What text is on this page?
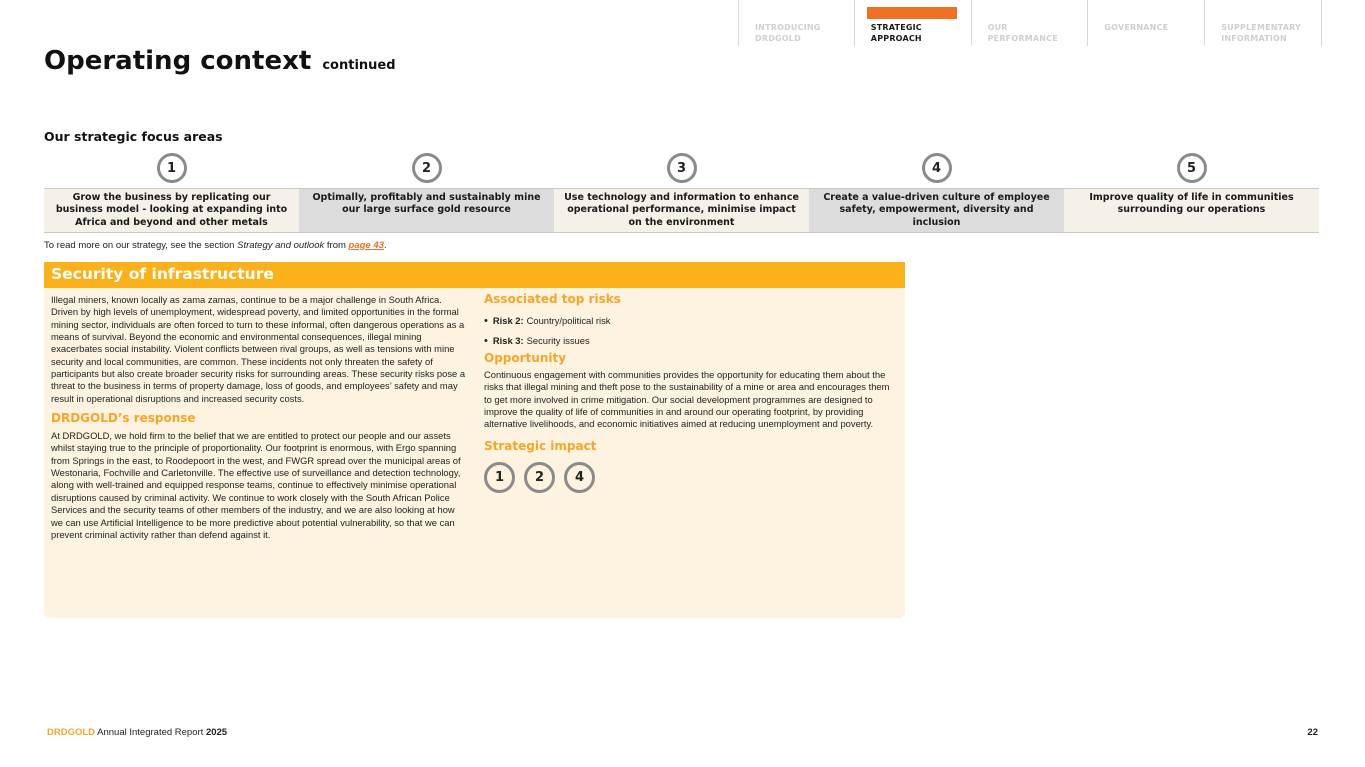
INTRODUCING
DRDGOLD
STRATEGIC
APPROACH
OUR
PERFORMANCE
GOVERNANCE	SUPPLEMENTARY
INFORMATION
Operating context continued
Our strategic focus areas
1	2	3	4	5
Grow the business by replicating our business model - looking at expanding into Africa and beyond and other metals
Optimally, profitably and sustainably mine our large surface gold resource
Use technology and information to enhance operational performance, minimise impact on the environment
Create a value-driven culture of employee safety, empowerment, diversity and inclusion
Improve quality of life in communities surrounding our operations
To read more on our strategy, see the section Strategy and outlook from page 43.
Security of infrastructure

Illegal miners, known locally as zama zamas, continue to be a major challenge in South Africa. Driven by high levels of unemployment, widespread poverty, and limited opportunities in the formal mining sector, individuals are often forced to turn to these informal, often dangerous operations as a means of survival. Beyond the economic and environmental consequences, illegal mining exacerbates social instability. Violent conflicts between rival groups, as well as tensions with mine security and local communities, are common. These incidents not only threaten the safety of participants but also create broader security risks for surrounding areas. These security risks pose a threat to the business in terms of property damage, loss of goods, and employees’ safety and may result in operational disruptions and increased security costs.

DRDGOLD’s response

At DRDGOLD, we hold firm to the belief that we are entitled to protect our people and our assets whilst staying true to the principle of proportionality. Our footprint is enormous, with Ergo spanning from Springs in the east, to Roodepoort in the west, and FWGR spread over the municipal areas of Westonaria, Fochville and Carletonville. The effective use of surveillance and detection technology, along with well-trained and equipped response teams, continue to effectively minimise operational disruptions caused by criminal activity. We continue to work closely with the South African Police Services and the security teams of other members of the industry, and we are also looking at how we can use Artificial Intelligence to be more predictive about potential vulnerability, so that we can prevent criminal activity rather than defend against it.

Associated top risks
• Risk 2: Country/political risk
• Risk 3: Security issues
Opportunity

Continuous engagement with communities provides the opportunity for educating them about the risks that illegal mining and theft pose to the sustainability of a mine or area and encourages them to get more involved in crime mitigation. Our social development programmes are designed to improve the quality of life of communities in and around our operating footprint, by providing alternative livelihoods, and economic initiatives aimed at reducing unemployment and poverty.

Strategic impact
1	2	4
DRDGOLD Annual Integrated Report 2025	22
